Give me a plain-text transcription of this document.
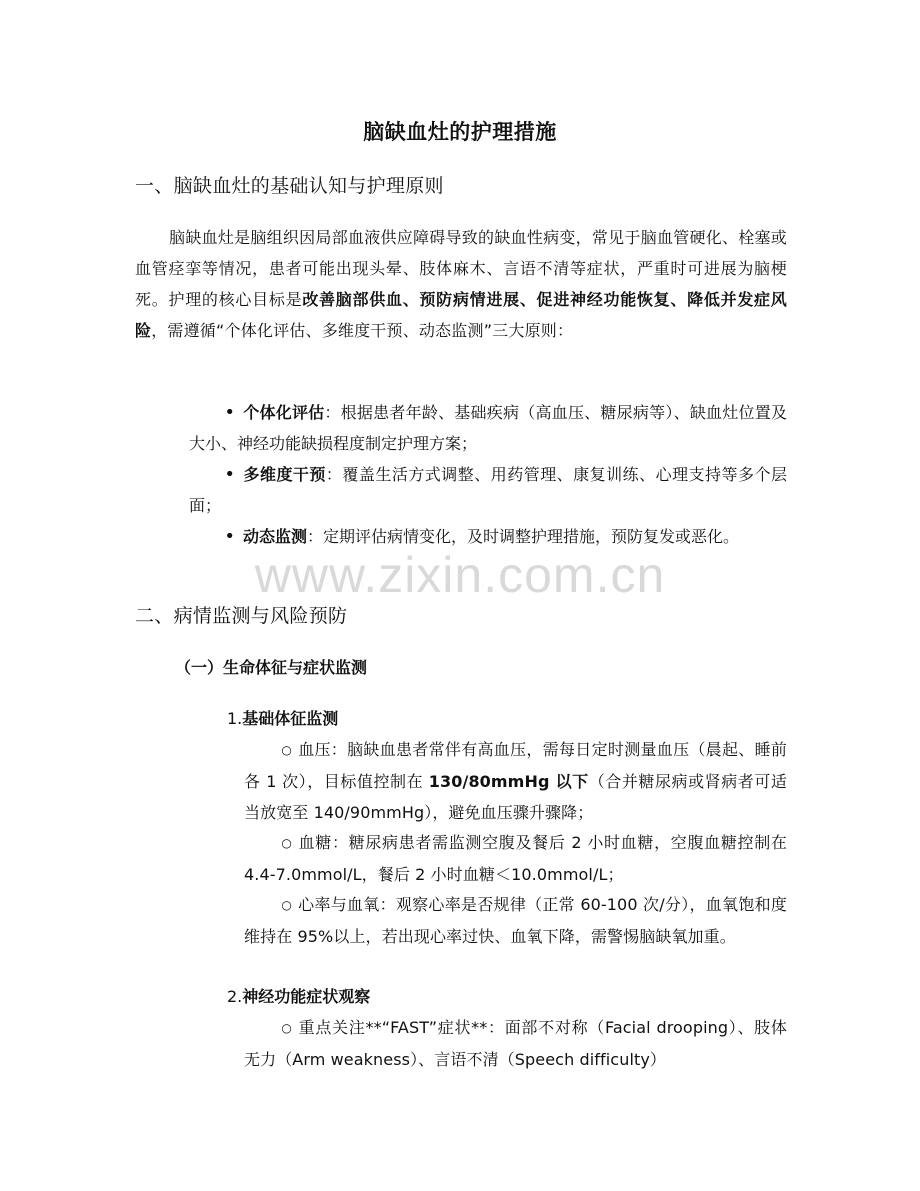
脑缺血灶的护理措施
一、脑缺血灶的基础认知与护理原则
脑缺血灶是脑组织因局部血液供应障碍导致的缺血性病变，常见于脑血管硬化、栓塞或血管痉挛等情况，患者可能出现头晕、肢体麻木、言语不清等症状，严重时可进展为脑梗死。护理的核心目标是改善脑部供血、预防病情进展、促进神经功能恢复、降低并发症风险，需遵循“个体化评估、多维度干预、动态监测”三大原则：
• 个体化评估：根据患者年龄、基础疾病（高血压、糖尿病等）、缺血灶位置及大小、神经功能缺损程度制定护理方案；
• 多维度干预：覆盖生活方式调整、用药管理、康复训练、心理支持等多个层面；
• 动态监测：定期评估病情变化，及时调整护理措施，预防复发或恶化。
www.zixin.com.cn
二、病情监测与风险预防
（一）生命体征与症状监测
1.基础体征监测
○ 血压：脑缺血患者常伴有高血压，需每日定时测量血压（晨起、睡前各 1 次），目标值控制在 130/80mmHg 以下（合并糖尿病或肾病者可适当放宽至 140/90mmHg），避免血压骤升骤降；
○ 血糖：糖尿病患者需监测空腹及餐后 2 小时血糖，空腹血糖控制在 4.4-7.0mmol/L，餐后 2 小时血糖＜10.0mmol/L；
○ 心率与血氧：观察心率是否规律（正常 60-100 次/分），血氧饱和度维持在 95%以上，若出现心率过快、血氧下降，需警惕脑缺氧加重。
2.神经功能症状观察
○ 重点关注**“FAST”症状**：面部不对称（Facial drooping）、肢体无力（Arm weakness）、言语不清（Speech difficulty）
